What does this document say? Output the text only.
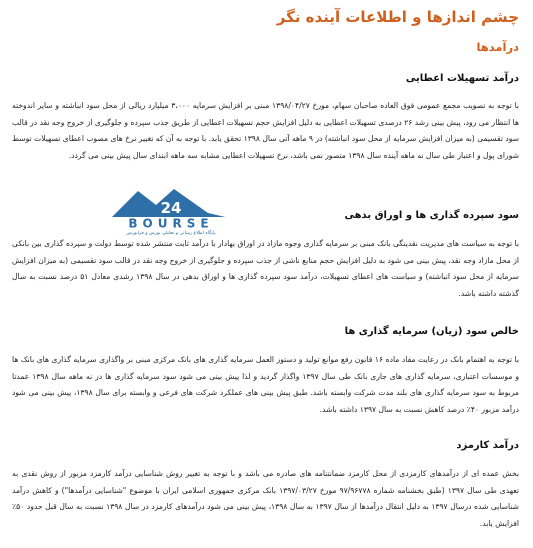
چشم اندازها و اطلاعات آینده نگر
درآمدها
درآمد تسهیلات اعطایی

با توجه به تصویب مجمع عمومی فوق العاده صاحبان سهام، مورخ ۱۳۹۸/۰۴/۲۷ مبنی بر افزایش سرمایه ۳،۰۰۰ میلیارد ریالی از محل سود انباشته و سایر اندوخته ها انتظار می رود، پیش بینی رشد ۲۶ درصدی تسهیلات اعطایی به دلیل افزایش حجم تسهیلات اعطایی از طریق جذب سپرده و جلوگیری از خروج وجه نقد در قالب سود تقسیمی (به میزان افزایش سرمایه از محل سود انباشته) در ۹ ماهه آتی سال ۱۳۹۸ تحقق یابد. با توجه به آن که تغییر نرخ های مصوب اعطای تسهیلات توسط شورای پول و اعتبار طی سال نه ماهه آینده سال ۱۳۹۸ متصور نمی باشد، نرخ تسهیلات اعطایی مشابه سه ماهه ابتدای سال پیش بینی می گردد.

24
BOURSE
پایگاه اطلاع رسانی و تحلیلی بورس و فرابورس
سود سپرده گذاری ها و اوراق بدهی

با توجه به سیاست های مدیریت نقدینگی بانک مبنی بر سرمایه گذاری وجوه مازاد در اوراق بهادار با درآمد ثابت منتشر شده توسط دولت و سپرده گذاری بین بانکی از محل مازاد وجه نقد، پیش بینی می شود به دلیل افزایش حجم منابع ناشی از جذب سپرده و جلوگیری از خروج وجه نقد در قالب سود تقسیمی (به میزان افزایش سرمایه از محل سود انباشته) و سیاست های اعطای تسهیلات، درآمد سود سپرده گذاری ها و اوراق بدهی در سال ۱۳۹۸ رشدی معادل ۵۱ درصد نسبت به سال گذشته داشته باشد.

خالص سود (زیان) سرمایه گذاری ها

با توجه به اهتمام بانک در رعایت مفاد ماده ۱۶ قانون رفع موانع تولید و دستور العمل سرمایه گذاری های بانک مرکزی مبنی بر واگذاری سرمایه گذاری های بانک ها و موسسات اعتباری، سرمایه گذاری های جاری بانک طی سال ۱۳۹۷ واگذار گردید و لذا پیش بینی می شود سود سرمایه گذاری ها در نه ماهه سال ۱۳۹۸ عمدتا مربوط به سود سرمایه گذاری های بلند مدت شرکت وابسته باشد. طبق پیش بینی های عملکرد شرکت های فرعی و وابسته برای سال ۱۳۹۸، پیش بینی می شود درآمد مزبور ۴۰٪ درصد کاهش نسبت به سال ۱۳۹۷ داشته باشد.

درآمد کارمزد

بخش عمده ای از درآمدهای کارمزدی از محل کارمزد ضمانتنامه های صادره می باشد و با توجه به تغییر روش شناسایی درآمد کارمزد مزبور از روش نقدی به تعهدی طی سال ۱۳۹۷ (طبق بخشنامه شماره ۹۷/۹۶۷۷۸ مورخ ۱۳۹۷/۰۳/۲۷ بانک مرکزی جمهوری اسلامی ایران با موضوع "شناسایی درآمدها") و کاهش درآمد شناسایی شده درسال ۱۳۹۷ به دلیل انتقال درآمدها از سال ۱۳۹۷ به سال ۱۳۹۸، پیش بینی می شود درآمدهای کارمزد در سال ۱۳۹۸ نسبت به سال قبل حدود ۵۰٪ افزایش یابد.
